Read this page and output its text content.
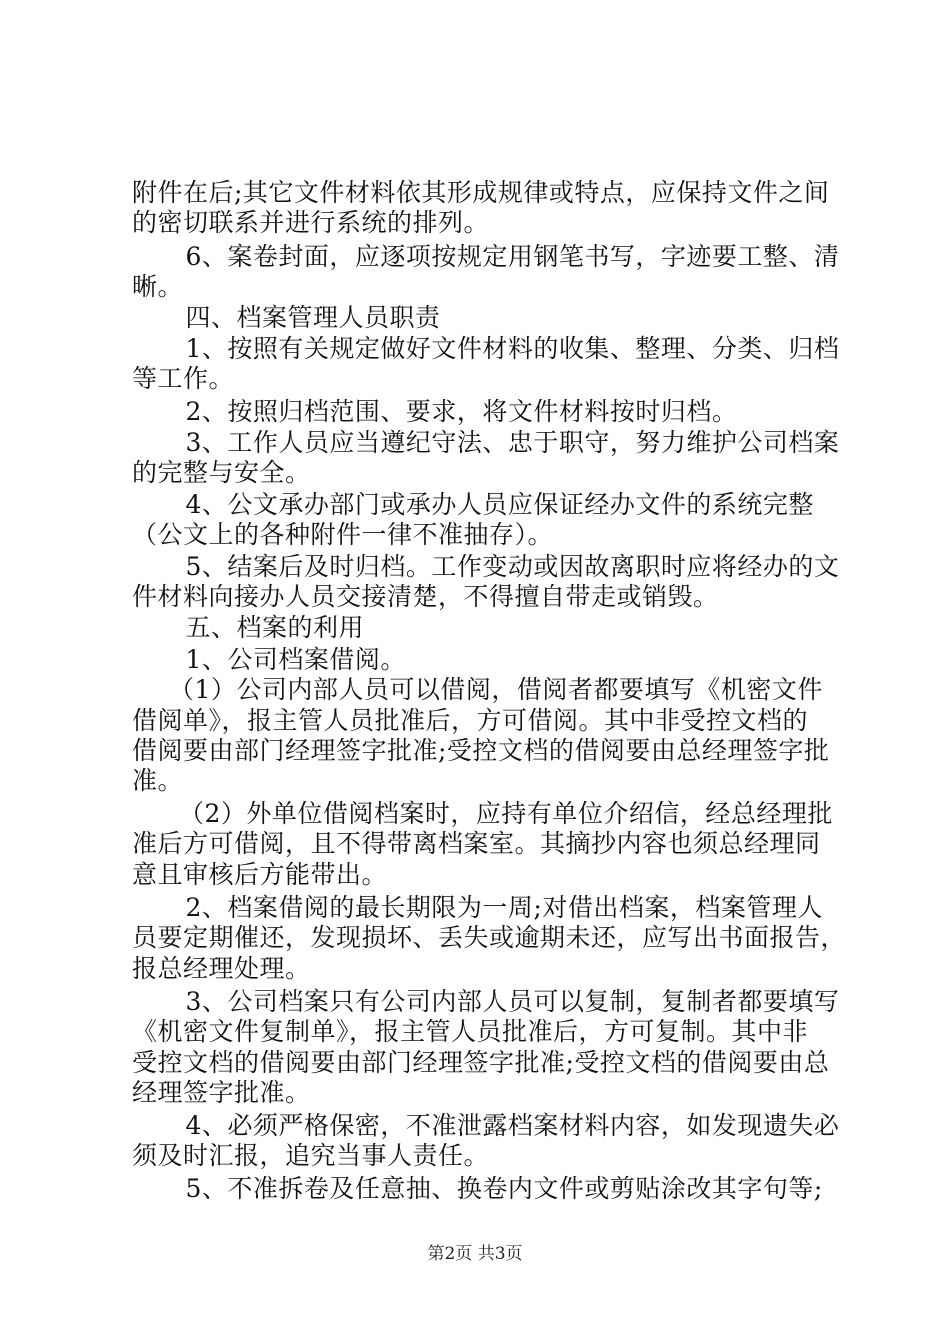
附件在后;其它文件材料依其形成规律或特点，应保持文件之间
的密切联系并进行系统的排列。
　6、案卷封面，应逐项按规定用钢笔书写，字迹要工整、清
晰。
　四、档案管理人员职责
　1、按照有关规定做好文件材料的收集、整理、分类、归档
等工作。
　2、按照归档范围、要求，将文件材料按时归档。
　3、工作人员应当遵纪守法、忠于职守，努力维护公司档案
的完整与安全。
　4、公文承办部门或承办人员应保证经办文件的系统完整
（公文上的各种附件一律不准抽存）。
　5、结案后及时归档。工作变动或因故离职时应将经办的文
件材料向接办人员交接清楚，不得擅自带走或销毁。
　五、档案的利用
　1、公司档案借阅。
　（1）公司内部人员可以借阅，借阅者都要填写《机密文件
借阅单》，报主管人员批准后，方可借阅。其中非受控文档的
借阅要由部门经理签字批准;受控文档的借阅要由总经理签字批
准。
　（2）外单位借阅档案时，应持有单位介绍信，经总经理批
准后方可借阅，且不得带离档案室。其摘抄内容也须总经理同
意且审核后方能带出。
　2、档案借阅的最长期限为一周;对借出档案，档案管理人
员要定期催还，发现损坏、丢失或逾期未还，应写出书面报告，
报总经理处理。
　3、公司档案只有公司内部人员可以复制，复制者都要填写
《机密文件复制单》，报主管人员批准后，方可复制。其中非
受控文档的借阅要由部门经理签字批准;受控文档的借阅要由总
经理签字批准。
　4、必须严格保密，不准泄露档案材料内容，如发现遗失必
须及时汇报，追究当事人责任。
　5、不准拆卷及任意抽、换卷内文件或剪贴涂改其字句等;
第2页 共3页
